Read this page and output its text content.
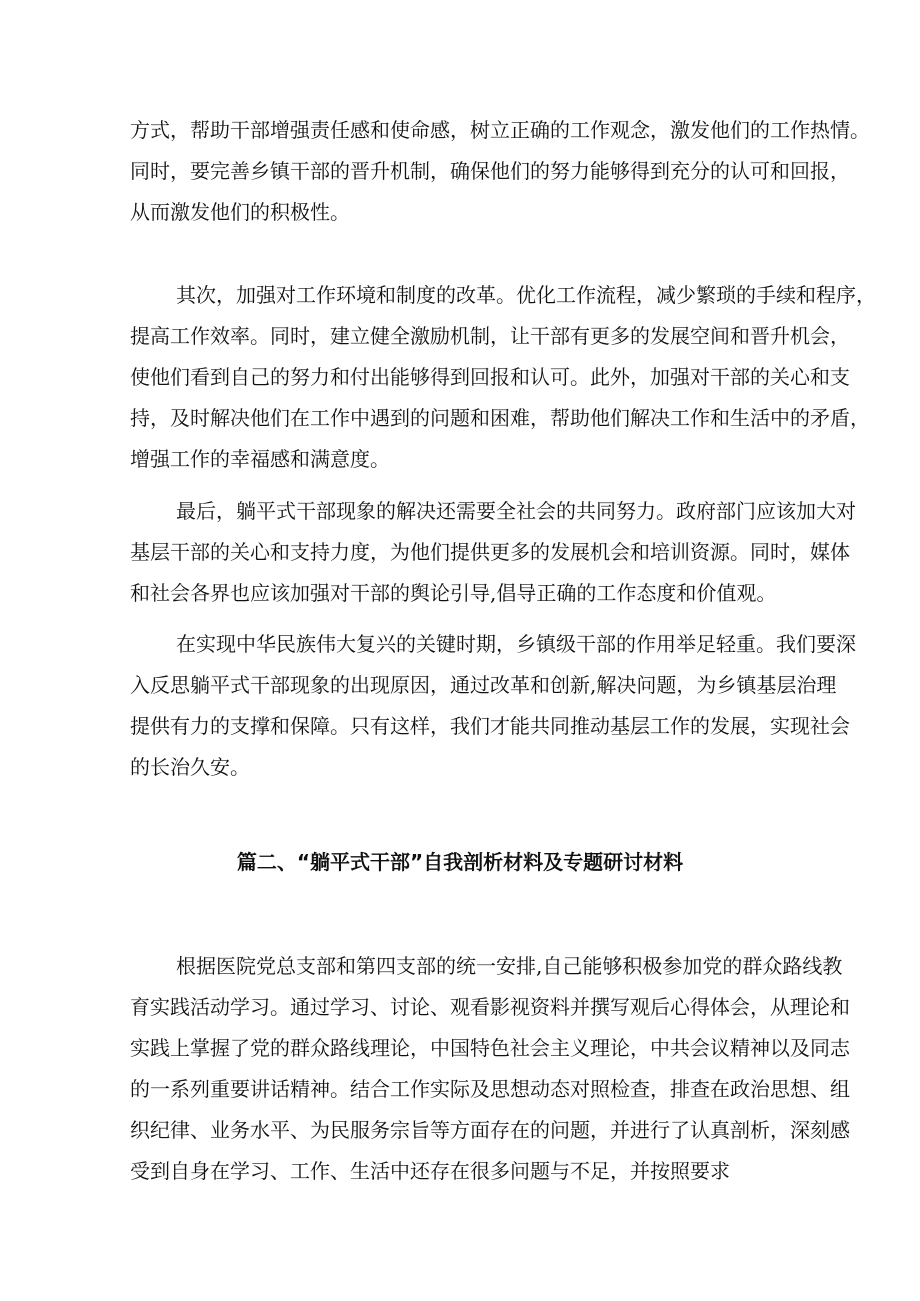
方式，帮助干部增强责任感和使命感，树立正确的工作观念，激发他们的工作热情。
同时，要完善乡镇干部的晋升机制，确保他们的努力能够得到充分的认可和回报，
从而激发他们的积极性。
其次，加强对工作环境和制度的改革。优化工作流程，减少繁琐的手续和程序，
提高工作效率。同时，建立健全激励机制，让干部有更多的发展空间和晋升机会，
使他们看到自己的努力和付出能够得到回报和认可。此外，加强对干部的关心和支
持，及时解决他们在工作中遇到的问题和困难，帮助他们解决工作和生活中的矛盾，
增强工作的幸福感和满意度。
最后，躺平式干部现象的解决还需要全社会的共同努力。政府部门应该加大对
基层干部的关心和支持力度，为他们提供更多的发展机会和培训资源。同时，媒体
和社会各界也应该加强对干部的舆论引导,倡导正确的工作态度和价值观。
在实现中华民族伟大复兴的关键时期，乡镇级干部的作用举足轻重。我们要深
入反思躺平式干部现象的出现原因，通过改革和创新,解决问题，为乡镇基层治理
提供有力的支撑和保障。只有这样，我们才能共同推动基层工作的发展，实现社会
的长治久安。
篇二、“躺平式干部”自我剖析材料及专题研讨材料
根据医院党总支部和第四支部的统一安排,自己能够积极参加党的群众路线教
育实践活动学习。通过学习、讨论、观看影视资料并撰写观后心得体会，从理论和
实践上掌握了党的群众路线理论，中国特色社会主义理论，中共会议精神以及同志
的一系列重要讲话精神。结合工作实际及思想动态对照检查，排查在政治思想、组
织纪律、业务水平、为民服务宗旨等方面存在的问题，并进行了认真剖析，深刻感
受到自身在学习、工作、生活中还存在很多问题与不足，并按照要求
